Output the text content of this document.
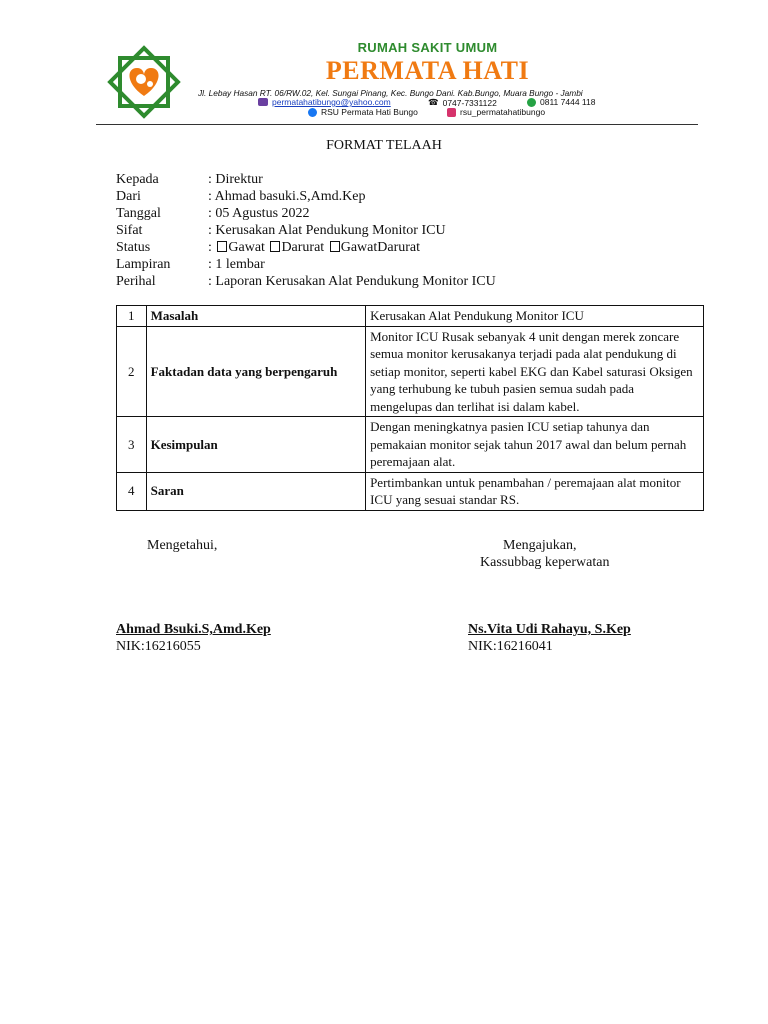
RUMAH SAKIT UMUM
PERMATA HATI
Jl. Lebay Hasan RT. 06/RW.02, Kel. Sungai Pinang, Kec. Bungo Dani. Kab.Bungo, Muara Bungo - Jambi
permatahatibungo@yahoo.com	☎ 0747-7331122	0811 7444 118
RSU Permata Hati Bungo	rsu_permatahatibungo
FORMAT TELAAH
Kepada	: Direktur
Dari	: Ahmad basuki.S,Amd.Kep
Tanggal	: 05 Agustus 2022
Sifat	: Kerusakan Alat Pendukung Monitor ICU
Status	: Gawat Darurat GawatDarurat
Lampiran	: 1 lembar
Perihal	: Laporan Kerusakan Alat Pendukung Monitor ICU
1	Masalah	Kerusakan Alat Pendukung Monitor ICU
2	Faktadan data yang berpengaruh	Monitor ICU Rusak sebanyak 4 unit dengan merek zoncare semua monitor kerusakanya terjadi pada alat pendukung di setiap monitor, seperti kabel EKG dan Kabel saturasi Oksigen yang terhubung ke tubuh pasien semua sudah pada mengelupas dan terlihat isi dalam kabel.
3	Kesimpulan	Dengan meningkatnya pasien ICU setiap tahunya dan pemakaian monitor sejak tahun 2017 awal dan belum pernah peremajaan alat.
4	Saran	Pertimbankan untuk penambahan / peremajaan alat monitor ICU yang sesuai standar RS.
Mengetahui,	Mengajukan,
Kassubbag keperwatan
Ahmad Bsuki.S,Amd.Kep
NIK:16216055
Ns.Vita Udi Rahayu, S.Kep
NIK:16216041
